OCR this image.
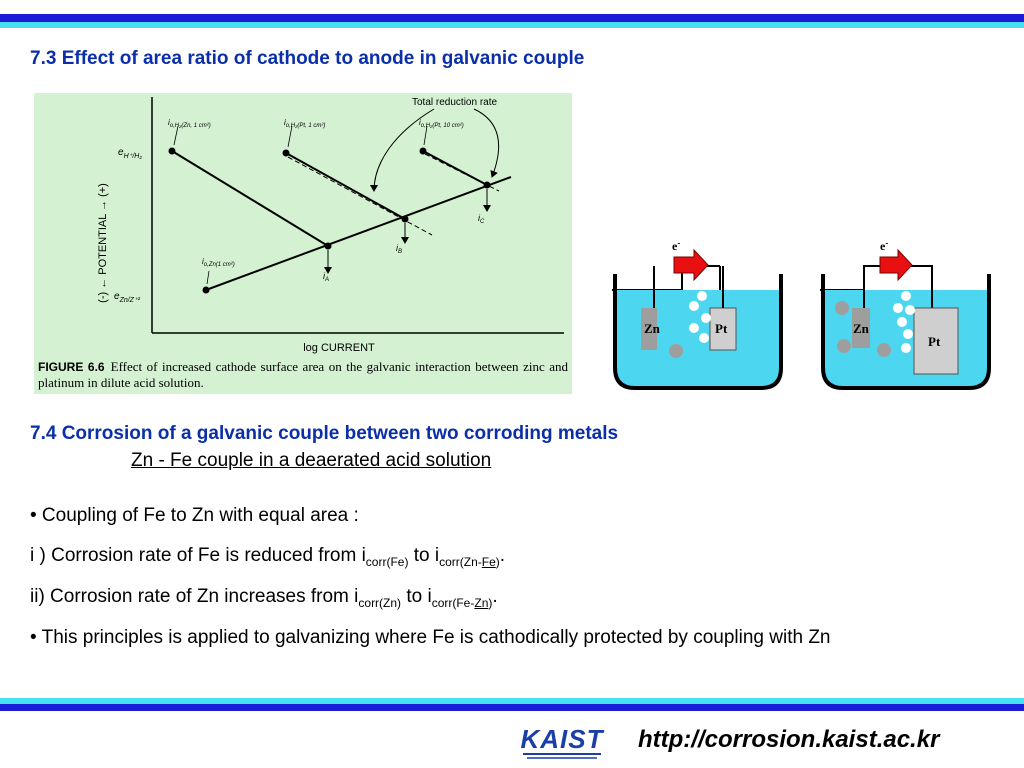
7.3 Effect of area ratio of cathode to anode in galvanic couple
(-) ← POTENTIAL → (+)
log CURRENT
$e_{H^+/H_2}$
$e_{Zn/Z^{+2}}$
$i_{o,H_2(Zn, 1 cm^2)}$	$i_{o,H_2(Pt, 1 cm^2)}$	$i_{o,H_2(Pt, 10 cm^2)}$
$i_{o,Zn(1 cm^2)}$
$i_A$
$i_B$
$i_C$
Total reduction rate
FIGURE 6.6 Effect of increased cathode surface area on the galvanic interaction between zinc and platinum in dilute acid solution.
e-
Zn	Pt
e-
Zn
Pt
7.4 Corrosion of a galvanic couple between two corroding metals
Zn - Fe couple in a deaerated acid solution
• Coupling of Fe to Zn with equal area :
i ) Corrosion rate of Fe is reduced from $i_{corr(Fe)}$ to $i_{corr(Zn-Fe)}$.
ii) Corrosion rate of Zn increases from $i_{corr(Zn)}$ to $i_{corr(Fe-Zn)}$.
• This principles is applied to galvanizing where Fe is cathodically protected by coupling with Zn
KAIST http://corrosion.kaist.ac.kr
